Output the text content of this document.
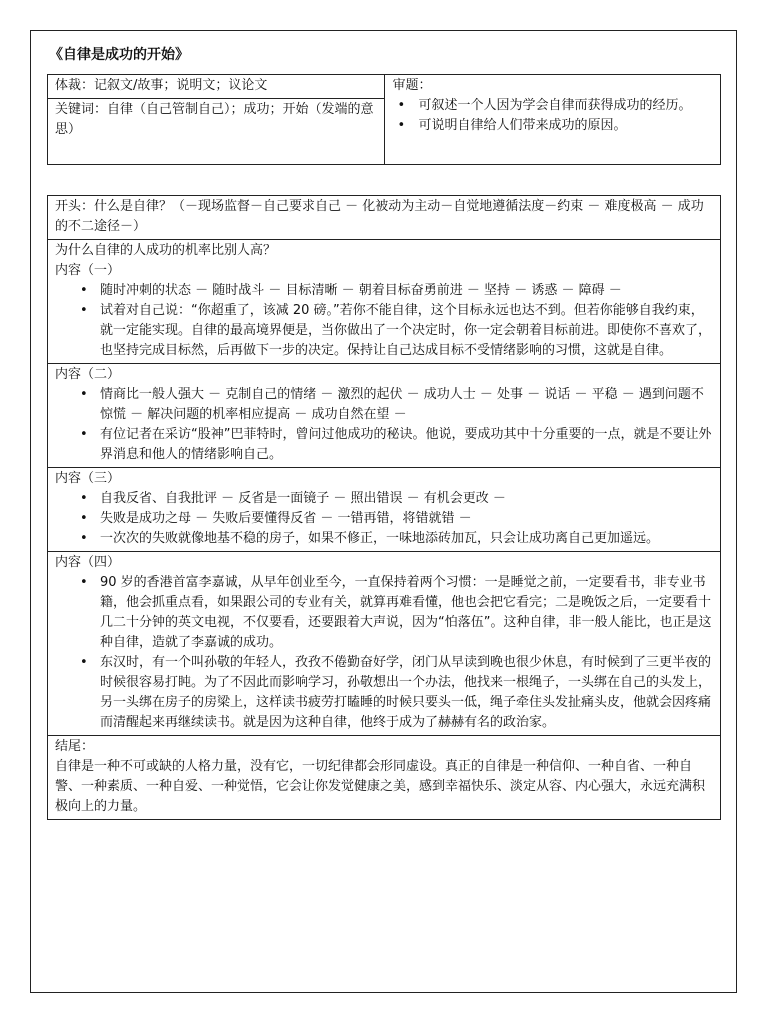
《自律是成功的开始》
体裁：记叙文/故事；说明文；议论文	审题：
• 可叙述一个人因为学会自律而获得成功的经历。
• 可说明自律给人们带来成功的原因。

关键词：自律（自己管制自己）；成功；开始（发端的意思）
开头：什么是自律？（－现场监督－自己要求自己 － 化被动为主动－自觉地遵循法度－约束 － 难度极高 － 成功的不二途径－）

为什么自律的人成功的机率比别人高？
内容（一）
• 随时冲刺的状态 － 随时战斗 － 目标清晰 － 朝着目标奋勇前进 － 坚持 － 诱惑 － 障碍 －
• 试着对自己说：“你超重了，该减 20 磅。”若你不能自律，这个目标永远也达不到。但若你能够自我约束，就一定能实现。自律的最高境界便是，当你做出了一个决定时，你一定会朝着目标前进。即使你不喜欢了，也坚持完成目标然，后再做下一步的决定。保持让自己达成目标不受情绪影响的习惯，这就是自律。

内容（二）
• 情商比一般人强大 － 克制自己的情绪 － 激烈的起伏 － 成功人士 － 处事 － 说话 － 平稳 － 遇到问题不惊慌 － 解决问题的机率相应提高 － 成功自然在望 －
• 有位记者在采访“股神”巴菲特时，曾问过他成功的秘诀。他说，要成功其中十分重要的一点，就是不要让外界消息和他人的情绪影响自己。

内容（三）
• 自我反省、自我批评 － 反省是一面镜子 － 照出错误 － 有机会更改 －
• 失败是成功之母 － 失败后要懂得反省 － 一错再错，将错就错 －
• 一次次的失败就像地基不稳的房子，如果不修正，一味地添砖加瓦，只会让成功离自己更加遥远。

内容（四）
• 90 岁的香港首富李嘉诚，从早年创业至今，一直保持着两个习惯：一是睡觉之前，一定要看书，非专业书籍，他会抓重点看，如果跟公司的专业有关，就算再难看懂，他也会把它看完；二是晚饭之后，一定要看十几二十分钟的英文电视，不仅要看，还要跟着大声说，因为“怕落伍”。这种自律，非一般人能比，也正是这种自律，造就了李嘉诚的成功。
• 东汉时，有一个叫孙敬的年轻人，孜孜不倦勤奋好学，闭门从早读到晚也很少休息，有时候到了三更半夜的时候很容易打盹。为了不因此而影响学习，孙敬想出一个办法，他找来一根绳子，一头绑在自己的头发上，另一头绑在房子的房梁上，这样读书疲劳打瞌睡的时候只要头一低，绳子牵住头发扯痛头皮，他就会因疼痛而清醒起来再继续读书。就是因为这种自律，他终于成为了赫赫有名的政治家。

结尾：
自律是一种不可或缺的人格力量，没有它，一切纪律都会形同虚设。真正的自律是一种信仰、一种自省、一种自警、一种素质、一种自爱、一种觉悟，它会让你发觉健康之美，感到幸福快乐、淡定从容、内心强大，永远充满积极向上的力量。
